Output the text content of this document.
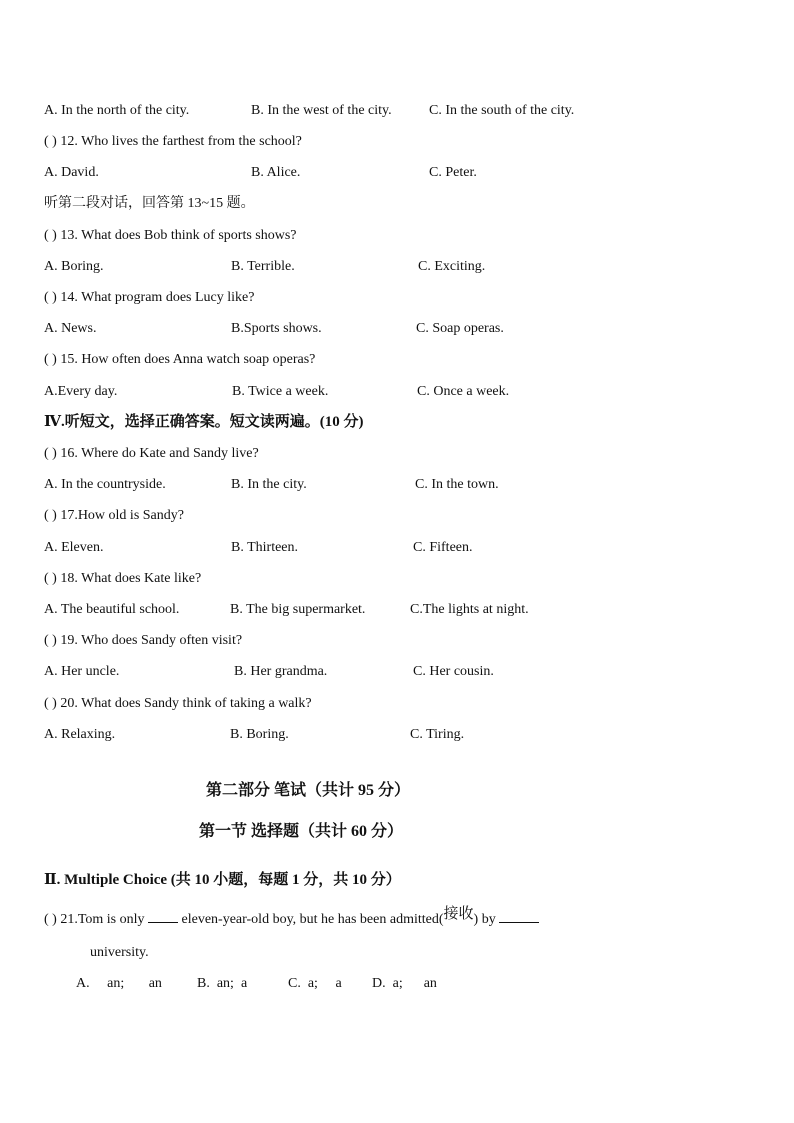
A. In the north of the city.	B. In the west of the city.	C. In the south of the city.
( ) 12. Who lives the farthest from the school?
A. David.	B. Alice.	C. Peter.
听第二段对话，回答第 13~15 题。
( ) 13. What does Bob think of sports shows?
A. Boring.	B. Terrible.	C. Exciting.
( ) 14. What program does Lucy like?
A. News.	B.Sports shows.	C. Soap operas.
( ) 15. How often does Anna watch soap operas?
A.Every day.	B. Twice a week.	C. Once a week.
Ⅳ.听短文，选择正确答案。短文读两遍。(10 分)
( ) 16. Where do Kate and Sandy live?
A. In the countryside.	B. In the city.	C. In the town.
( ) 17.How old is Sandy?
A. Eleven.	B. Thirteen.	C. Fifteen.
( ) 18. What does Kate like?
A. The beautiful school.	B. The big supermarket.	C.The lights at night.
( ) 19. Who does Sandy often visit?
A. Her uncle.	B. Her grandma.	C. Her cousin.
( ) 20. What does Sandy think of taking a walk?
A. Relaxing.	B. Boring.	C. Tiring.
第二部分 笔试（共计 95 分）
第一节 选择题（共计 60 分）
Ⅱ. Multiple Choice (共 10 小题，每题 1 分，共 10 分）
( ) 21.Tom is only	eleven-year-old boy, but he has been admitted(接收) by
university.
A.     an;       an	B.  an;  a	C.  a;     a D.  a;      an
